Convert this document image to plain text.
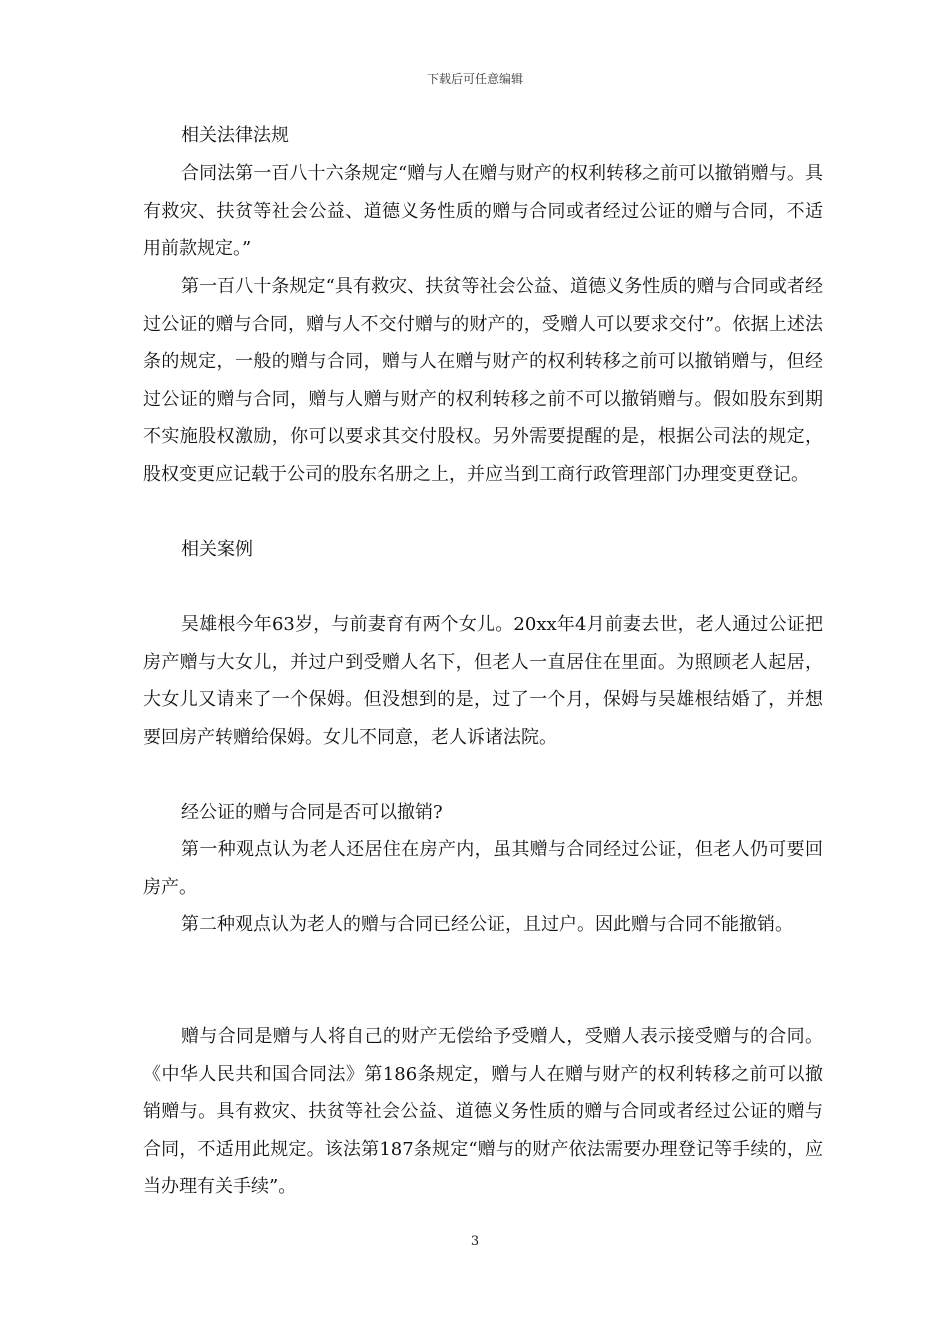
下载后可任意编辑

相关法律法规

合同法第一百八十六条规定“赠与人在赠与财产的权利转移之前可以撤销赠与。具有救灾、扶贫等社会公益、道德义务性质的赠与合同或者经过公证的赠与合同，不适用前款规定。”

第一百八十条规定“具有救灾、扶贫等社会公益、道德义务性质的赠与合同或者经过公证的赠与合同，赠与人不交付赠与的财产的，受赠人可以要求交付”。依据上述法条的规定，一般的赠与合同，赠与人在赠与财产的权利转移之前可以撤销赠与，但经过公证的赠与合同，赠与人赠与财产的权利转移之前不可以撤销赠与。假如股东到期不实施股权激励，你可以要求其交付股权。另外需要提醒的是，根据公司法的规定，股权变更应记载于公司的股东名册之上，并应当到工商行政管理部门办理变更登记。

相关案例

吴雄根今年63岁，与前妻育有两个女儿。20xx年4月前妻去世，老人通过公证把房产赠与大女儿，并过户到受赠人名下，但老人一直居住在里面。为照顾老人起居，大女儿又请来了一个保姆。但没想到的是，过了一个月，保姆与吴雄根结婚了，并想要回房产转赠给保姆。女儿不同意，老人诉诸法院。

经公证的赠与合同是否可以撤销?

第一种观点认为老人还居住在房产内，虽其赠与合同经过公证，但老人仍可要回房产。

第二种观点认为老人的赠与合同已经公证，且过户。因此赠与合同不能撤销。

赠与合同是赠与人将自己的财产无偿给予受赠人，受赠人表示接受赠与的合同。《中华人民共和国合同法》第186条规定，赠与人在赠与财产的权利转移之前可以撤销赠与。具有救灾、扶贫等社会公益、道德义务性质的赠与合同或者经过公证的赠与合同，不适用此规定。该法第187条规定“赠与的财产依法需要办理登记等手续的，应当办理有关手续”。

3
